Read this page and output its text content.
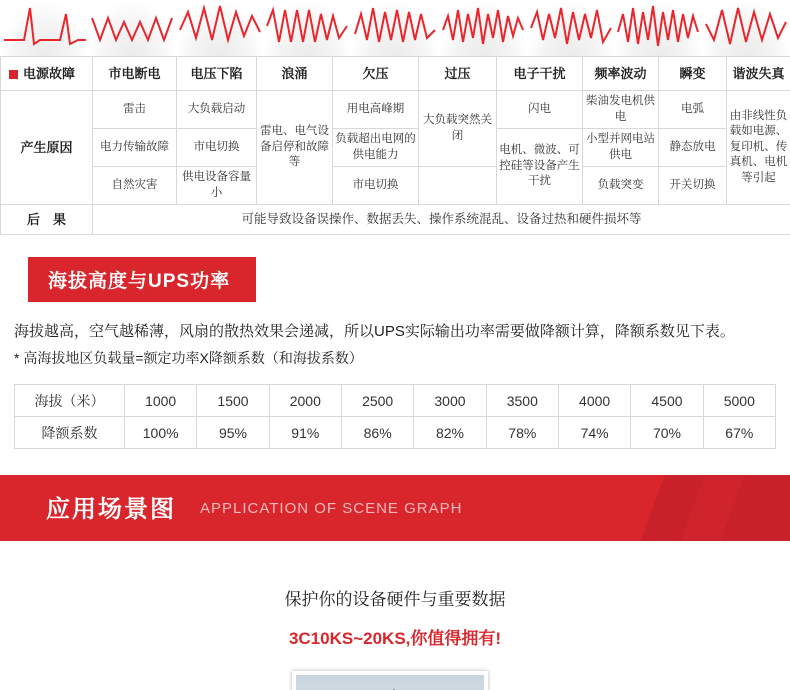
电源故障	市电断电	电压下陷	浪涌	欠压	过压	电子干扰	频率波动	瞬变	谐波失真
产生原因	雷击	大负载启动	雷电、电气设备启停和故障等	用电高峰期	大负载突然关闭	闪电	柴油发电机供电	电弧	由非线性负载如电源、复印机、传真机、电机等引起
	电力传输故障	市电切换		负载超出电网的供电能力		电机、微波、可控硅等设备产生干扰	小型并网电站供电	静态放电	
	自然灾害	供电设备容量小		市电切换			负载突变	开关切换	
后　果	可能导致设备误操作、数据丢失、操作系统混乱、设备过热和硬件损坏等								
海拔高度与UPS功率
海拔越高，空气越稀薄，风扇的散热效果会递减，所以UPS实际输出功率需要做降额计算，降额系数见下表。
* 高海拔地区负载量=额定功率X降额系数（和海拔系数）
海拔（米）	1000	1500	2000	2500	3000	3500	4000	4500	5000
降额系数	100%	95%	91%	86%	82%	78%	74%	70%	67%
应用场景图 APPLICATION OF SCENE GRAPH
保护你的设备硬件与重要数据
3C10KS~20KS,你值得拥有!
